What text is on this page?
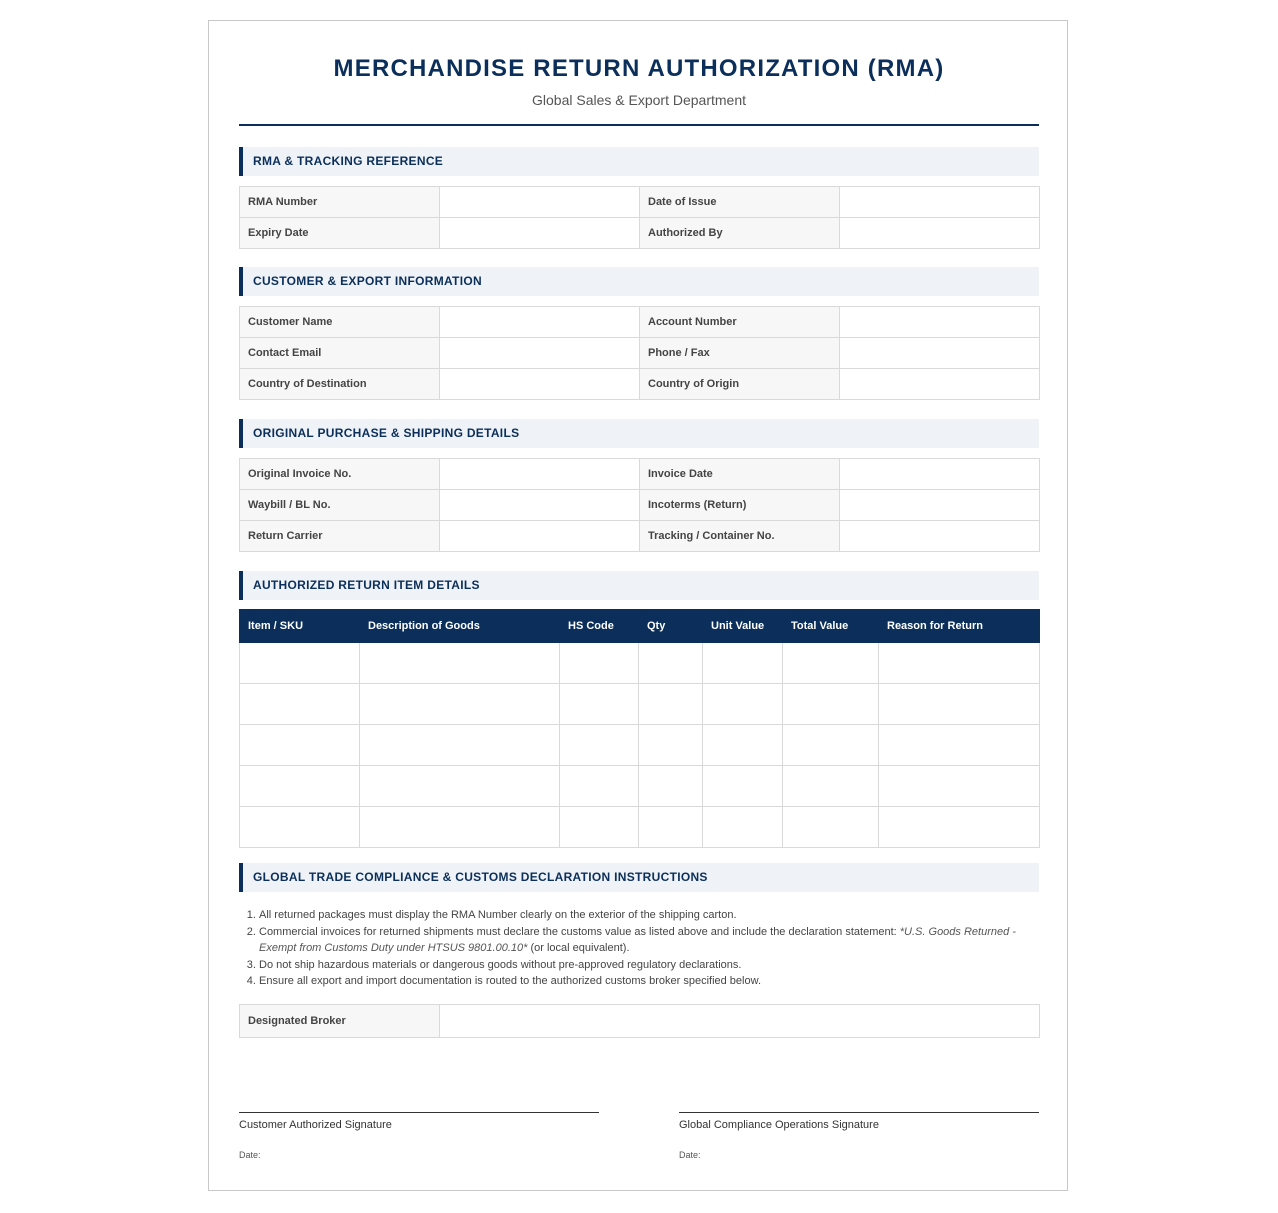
MERCHANDISE RETURN AUTHORIZATION (RMA)
Global Sales & Export Department
RMA & TRACKING REFERENCE
RMA Number		Date of Issue	
Expiry Date		Authorized By	
CUSTOMER & EXPORT INFORMATION
Customer Name		Account Number	
Contact Email		Phone / Fax	
Country of Destination		Country of Origin	
ORIGINAL PURCHASE & SHIPPING DETAILS
Original Invoice No.		Invoice Date	
Waybill / BL No.		Incoterms (Return)	
Return Carrier		Tracking / Container No.	
AUTHORIZED RETURN ITEM DETAILS
Item / SKU	Description of Goods	HS Code	Qty	Unit Value	Total Value	Reason for Return

GLOBAL TRADE COMPLIANCE & CUSTOMS DECLARATION INSTRUCTIONS
1. All returned packages must display the RMA Number clearly on the exterior of the shipping carton.
2. Commercial invoices for returned shipments must declare the customs value as listed above and include the declaration statement: *U.S. Goods Returned - Exempt from Customs Duty under HTSUS 9801.00.10* (or local equivalent).
3. Do not ship hazardous materials or dangerous goods without pre-approved regulatory declarations.
4. Ensure all export and import documentation is routed to the authorized customs broker specified below.
Designated Broker	
Customer Authorized Signature
Date:
Global Compliance Operations Signature
Date:
